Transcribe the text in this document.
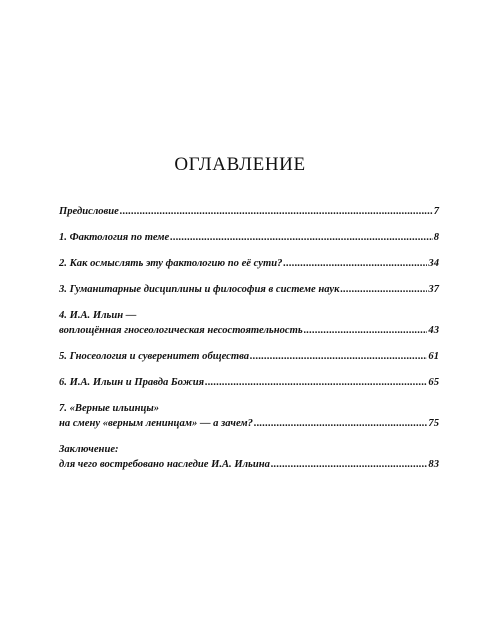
ОГЛАВЛЕНИЕ
Предисловие .....	7
1. Фактология по теме .....	8
2. Как осмыслять эту фактологию по её сути? .....	34
3. Гуманитарные дисциплины и философия в системе наук .....	37
4. И.А. Ильин —
воплощённая гносеологическая несостоятельность .....	43
5. Гносеология и суверенитет общества .....	61
6. И.А. Ильин и Правда Божия .....	65
7. «Верные ильинцы»
на смену «верным ленинцам» — а зачем? .....	75
Заключение:
для чего востребовано наследие И.А. Ильина .....	83
